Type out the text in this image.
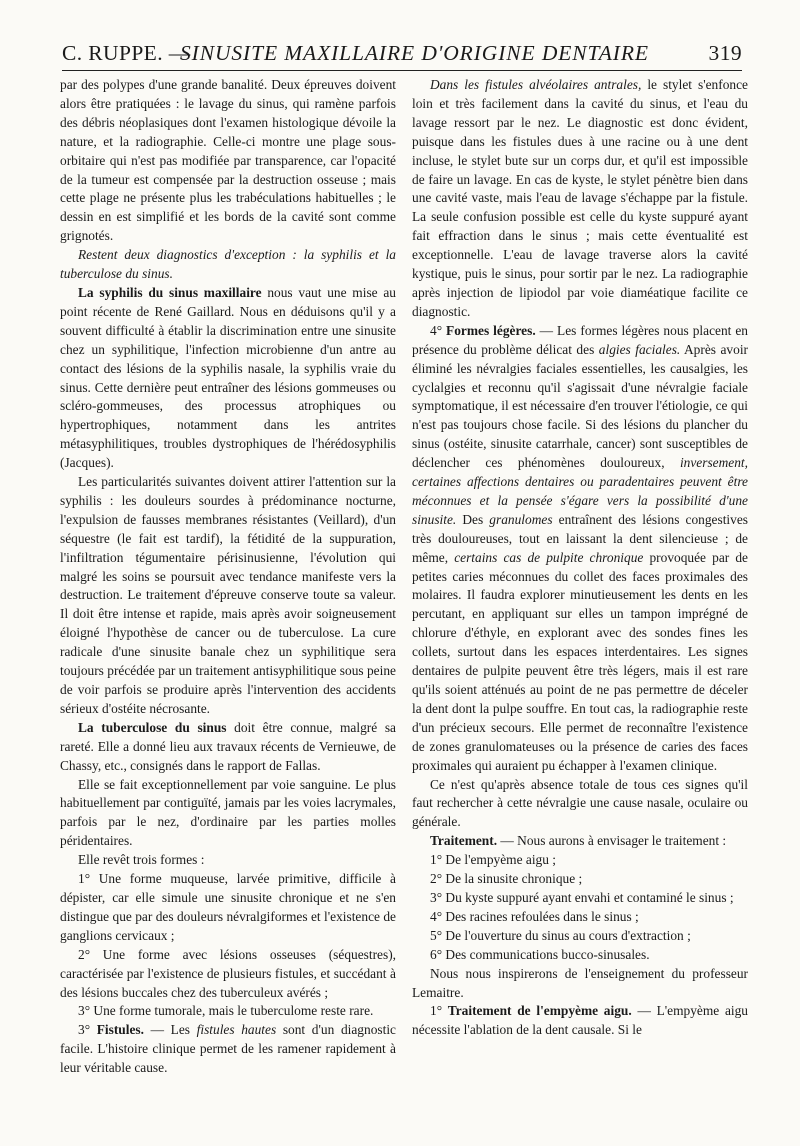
C. RUPPE. —
SINUSITE MAXILLAIRE D'ORIGINE DENTAIRE	319

par des polypes d'une grande banalité. Deux épreuves doivent alors être pratiquées : le lavage du sinus, qui ramène parfois des débris néoplasiques dont l'examen histologique dévoile la nature, et la radiographie. Celle-ci montre une plage sous-orbitaire qui n'est pas modifiée par transparence, car l'opacité de la tumeur est compensée par la destruction osseuse ; mais cette plage ne présente plus les trabéculations habituelles ; le dessin en est simplifié et les bords de la cavité sont comme grignotés.

Restent deux diagnostics d'exception : la syphilis et la tuberculose du sinus.

La syphilis du sinus maxillaire nous vaut une mise au point récente de René Gaillard. Nous en déduisons qu'il y a souvent difficulté à établir la discrimination entre une sinusite chez un syphilitique, l'infection microbienne d'un antre au contact des lésions de la syphilis nasale, la syphilis vraie du sinus. Cette dernière peut entraîner des lésions gommeuses ou scléro-gommeuses, des processus atrophiques ou hypertrophiques, notamment dans les antrites métasyphilitiques, troubles dystrophiques de l'hérédosyphilis (Jacques).

Les particularités suivantes doivent attirer l'attention sur la syphilis : les douleurs sourdes à prédominance nocturne, l'expulsion de fausses membranes résistantes (Veillard), d'un séquestre (le fait est tardif), la fétidité de la suppuration, l'infiltration tégumentaire périsinusienne, l'évolution qui malgré les soins se poursuit avec tendance manifeste vers la destruction. Le traitement d'épreuve conserve toute sa valeur. Il doit être intense et rapide, mais après avoir soigneusement éloigné l'hypothèse de cancer ou de tuberculose. La cure radicale d'une sinusite banale chez un syphilitique sera toujours précédée par un traitement antisyphilitique sous peine de voir parfois se produire après l'intervention des accidents sérieux d'ostéite nécrosante.

La tuberculose du sinus doit être connue, malgré sa rareté. Elle a donné lieu aux travaux récents de Vernieuwe, de Chassy, etc., consignés dans le rapport de Fallas.

Elle se fait exceptionnellement par voie sanguine. Le plus habituellement par contiguïté, jamais par les voies lacrymales, parfois par le nez, d'ordinaire par les parties molles péridentaires.

Elle revêt trois formes :

1° Une forme muqueuse, larvée primitive, difficile à dépister, car elle simule une sinusite chronique et ne s'en distingue que par des douleurs névralgiformes et l'existence de ganglions cervicaux ;

2° Une forme avec lésions osseuses (séquestres), caractérisée par l'existence de plusieurs fistules, et succédant à des lésions buccales chez des tuberculeux avérés ;

3° Une forme tumorale, mais le tuberculome reste rare.

3° Fistules. — Les fistules hautes sont d'un diagnostic facile. L'histoire clinique permet de les ramener rapidement à leur véritable cause.

Dans les fistules alvéolaires antrales, le stylet s'enfonce loin et très facilement dans la cavité du sinus, et l'eau du lavage ressort par le nez. Le diagnostic est donc évident, puisque dans les fistules dues à une racine ou à une dent incluse, le stylet bute sur un corps dur, et qu'il est impossible de faire un lavage. En cas de kyste, le stylet pénètre bien dans une cavité vaste, mais l'eau de lavage s'échappe par la fistule. La seule confusion possible est celle du kyste suppuré ayant fait effraction dans le sinus ; mais cette éventualité est exceptionnelle. L'eau de lavage traverse alors la cavité kystique, puis le sinus, pour sortir par le nez. La radiographie après injection de lipiodol par voie diaméatique facilite ce diagnostic.

4° Formes légères. — Les formes légères nous placent en présence du problème délicat des algies faciales. Après avoir éliminé les névralgies faciales essentielles, les causalgies, les cyclalgies et reconnu qu'il s'agissait d'une névralgie faciale symptomatique, il est nécessaire d'en trouver l'étiologie, ce qui n'est pas toujours chose facile. Si des lésions du plancher du sinus (ostéite, sinusite catarrhale, cancer) sont susceptibles de déclencher ces phénomènes douloureux, inversement, certaines affections dentaires ou paradentaires peuvent être méconnues et la pensée s'égare vers la possibilité d'une sinusite. Des granulomes entraînent des lésions congestives très douloureuses, tout en laissant la dent silencieuse ; de même, certains cas de pulpite chronique provoquée par de petites caries méconnues du collet des faces proximales des molaires. Il faudra explorer minutieusement les dents en les percutant, en appliquant sur elles un tampon imprégné de chlorure d'éthyle, en explorant avec des sondes fines les collets, surtout dans les espaces interdentaires. Les signes dentaires de pulpite peuvent être très légers, mais il est rare qu'ils soient atténués au point de ne pas permettre de déceler la dent dont la pulpe souffre. En tout cas, la radiographie reste d'un précieux secours. Elle permet de reconnaître l'existence de zones granulomateuses ou la présence de caries des faces proximales qui auraient pu échapper à l'examen clinique.

Ce n'est qu'après absence totale de tous ces signes qu'il faut rechercher à cette névralgie une cause nasale, oculaire ou générale.

Traitement. — Nous aurons à envisager le traitement :

1° De l'empyème aigu ;

2° De la sinusite chronique ;

3° Du kyste suppuré ayant envahi et contaminé le sinus ;

4° Des racines refoulées dans le sinus ;

5° De l'ouverture du sinus au cours d'extraction ;

6° Des communications bucco-sinusales.

Nous nous inspirerons de l'enseignement du professeur Lemaitre.

1° Traitement de l'empyème aigu. — L'empyème aigu nécessite l'ablation de la dent causale. Si le
